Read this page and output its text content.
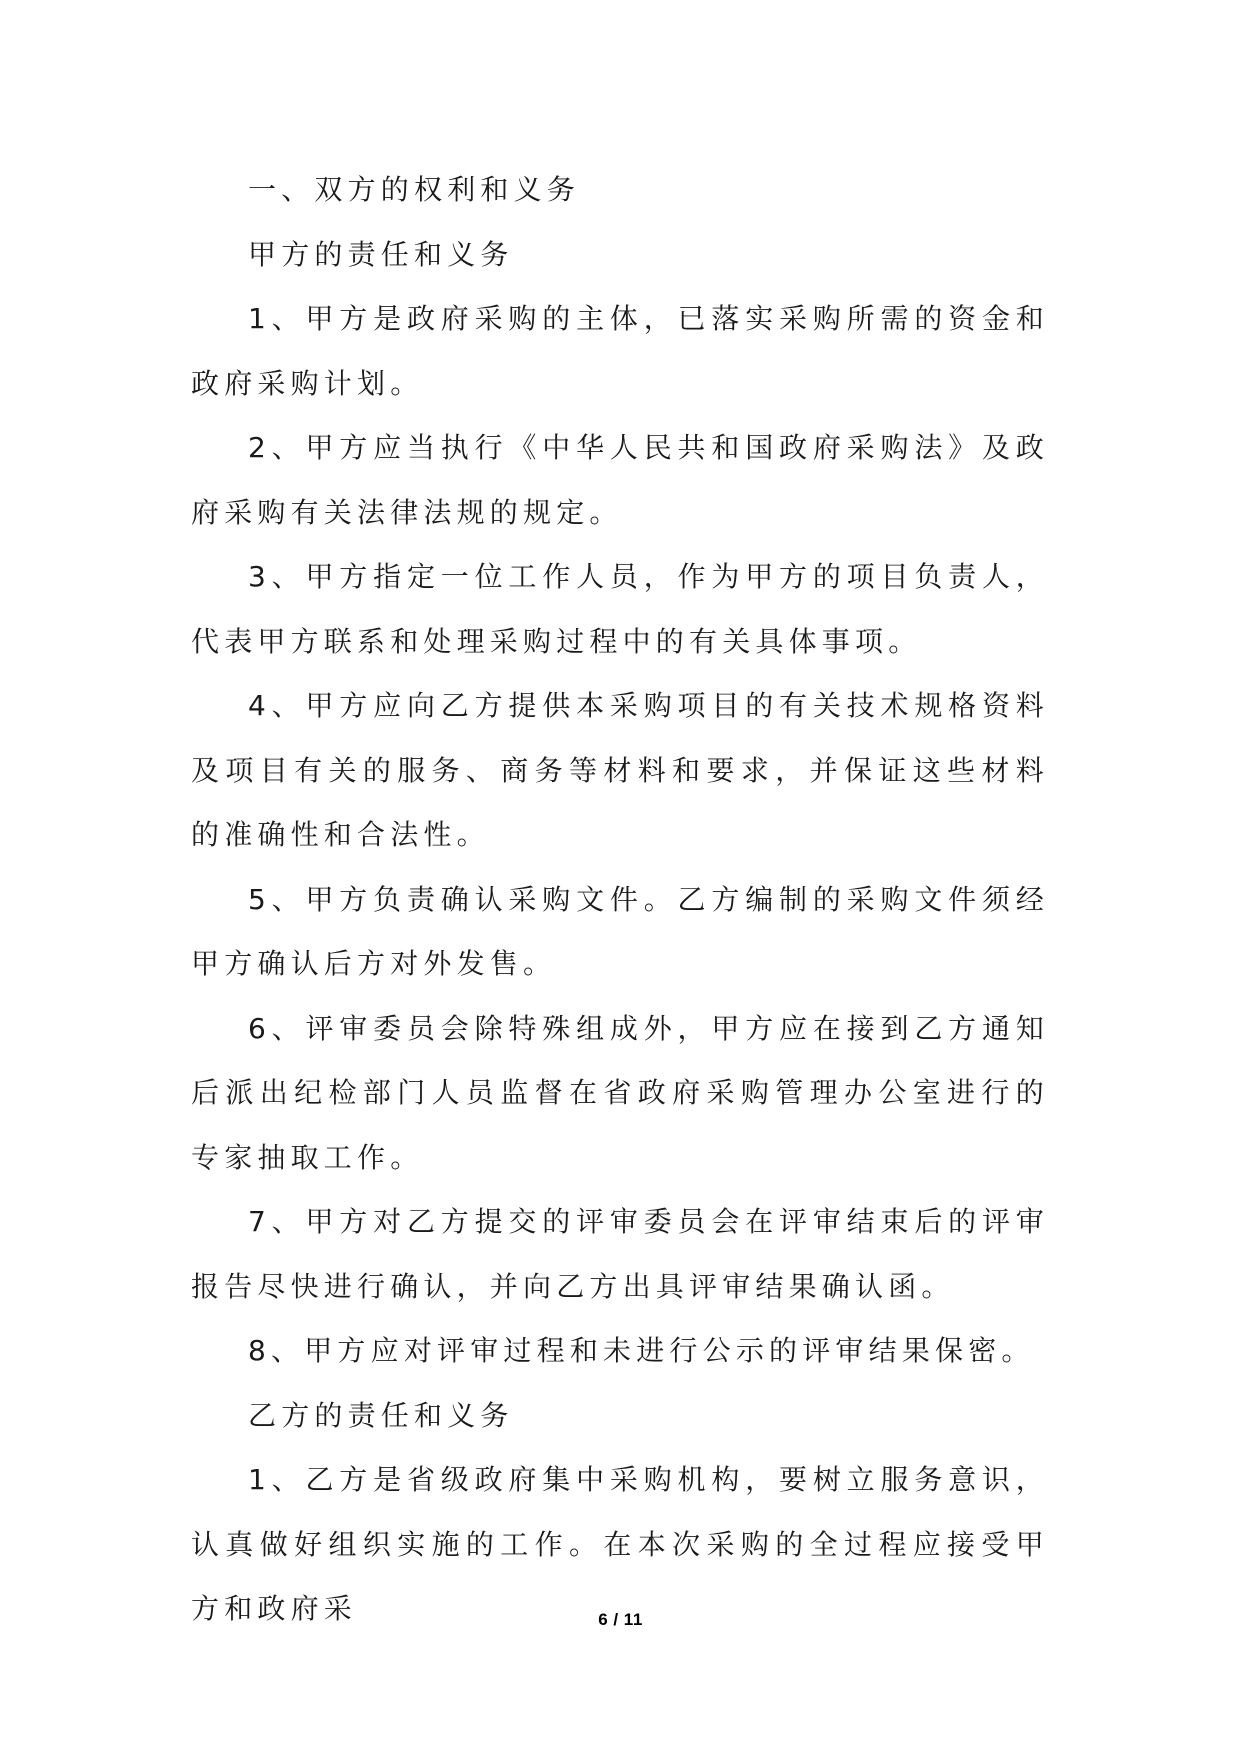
一、双方的权利和义务

甲方的责任和义务

1、甲方是政府采购的主体，已落实采购所需的资金和政府采购计划。

2、甲方应当执行《中华人民共和国政府采购法》及政府采购有关法律法规的规定。

3、甲方指定一位工作人员，作为甲方的项目负责人，代表甲方联系和处理采购过程中的有关具体事项。

4、甲方应向乙方提供本采购项目的有关技术规格资料及项目有关的服务、商务等材料和要求，并保证这些材料的准确性和合法性。

5、甲方负责确认采购文件。乙方编制的采购文件须经甲方确认后方对外发售。

6、评审委员会除特殊组成外，甲方应在接到乙方通知后派出纪检部门人员监督在省政府采购管理办公室进行的专家抽取工作。

7、甲方对乙方提交的评审委员会在评审结束后的评审报告尽快进行确认，并向乙方出具评审结果确认函。

8、甲方应对评审过程和未进行公示的评审结果保密。

乙方的责任和义务

1、乙方是省级政府集中采购机构，要树立服务意识，认真做好组织实施的工作。在本次采购的全过程应接受甲方和政府采	6 / 11
